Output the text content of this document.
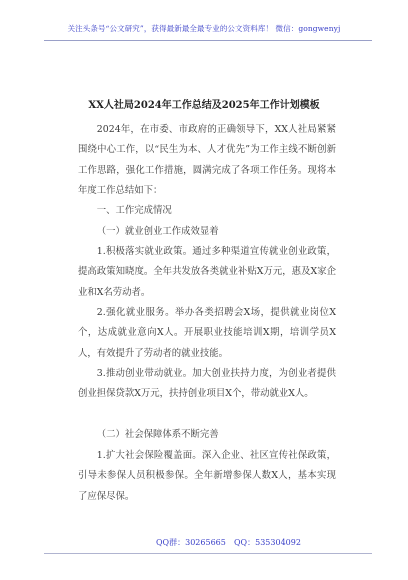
关注头条号“公文研究”，获得最新最全最专业的公文资料库！ 微信：gongwenyj
XX人社局2024年工作总结及2025年工作计划模板
2024年，在市委、市政府的正确领导下，XX人社局紧紧围绕中心工作，以“民生为本、人才优先”为工作主线不断创新工作思路，强化工作措施，圆满完成了各项工作任务。现将本年度工作总结如下：
一、工作完成情况
（一）就业创业工作成效显着
1.积极落实就业政策。通过多种渠道宣传就业创业政策，提高政策知晓度。全年共发放各类就业补贴X万元，惠及X家企业和X名劳动者。
2.强化就业服务。举办各类招聘会X场，提供就业岗位X个，达成就业意向X人。开展职业技能培训X期，培训学员X人，有效提升了劳动者的就业技能。
3.推动创业带动就业。加大创业扶持力度，为创业者提供创业担保贷款X万元，扶持创业项目X个，带动就业X人。
（二）社会保障体系不断完善
1.扩大社会保险覆盖面。深入企业、社区宣传社保政策，引导未参保人员积极参保。全年新增参保人数X人，基本实现了应保尽保。
QQ群：30265665 QQ：535304092
